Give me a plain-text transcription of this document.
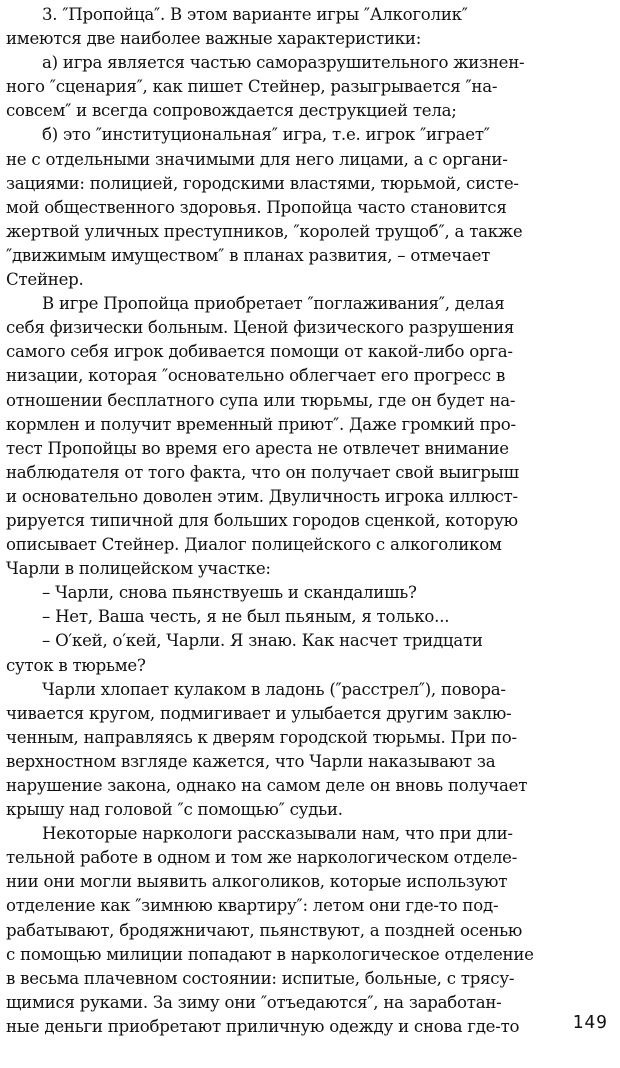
3. ″Пропойца″. В этом варианте игры ″Алкоголик″
имеются две наиболее важные характеристики:
а) игра является частью саморазрушительного жизнен-
ного ″сценария″, как пишет Стейнер, разыгрывается ″на-
совсем″ и всегда сопровождается деструкцией тела;
б) это ″институциональная″ игра, т.е. игрок ″играет″
не с отдельными значимыми для него лицами, а с органи-
зациями: полицией, городскими властями, тюрьмой, систе-
мой общественного здоровья. Пропойца часто становится
жертвой уличных преступников, ″королей трущоб″, а также
″движимым имуществом″ в планах развития, – отмечает
Стейнер.
В игре Пропойца приобретает ″поглаживания″, делая
себя физически больным. Ценой физического разрушения
самого себя игрок добивается помощи от какой-либо орга-
низации, которая ″основательно облегчает его прогресс в
отношении бесплатного супа или тюрьмы, где он будет на-
кормлен и получит временный приют″. Даже громкий про-
тест Пропойцы во время его ареста не отвлечет внимание
наблюдателя от того факта, что он получает свой выигрыш
и основательно доволен этим. Двуличность игрока иллюст-
рируется типичной для больших городов сценкой, которую
описывает Стейнер. Диалог полицейского с алкоголиком
Чарли в полицейском участке:
– Чарли, снова пьянствуешь и скандалишь?
– Нет, Ваша честь, я не был пьяным, я только...
– О′кей, о′кей, Чарли. Я знаю. Как насчет тридцати
суток в тюрьме?
Чарли хлопает кулаком в ладонь (″расстрел″), повора-
чивается кругом, подмигивает и улыбается другим заклю-
ченным, направляясь к дверям городской тюрьмы. При по-
верхностном взгляде кажется, что Чарли наказывают за
нарушение закона, однако на самом деле он вновь получает
крышу над головой ″с помощью″ судьи.
Некоторые наркологи рассказывали нам, что при дли-
тельной работе в одном и том же наркологическом отделе-
нии они могли выявить алкоголиков, которые используют
отделение как ″зимнюю квартиру″: летом они где-то под-
рабатывают, бродяжничают, пьянствуют, а поздней осенью
с помощью милиции попадают в наркологическое отделение
в весьма плачевном состоянии: испитые, больные, с трясу-
щимися руками. За зиму они ″отъедаются″, на заработан-
ные деньги приобретают приличную одежду и снова где-то	149
